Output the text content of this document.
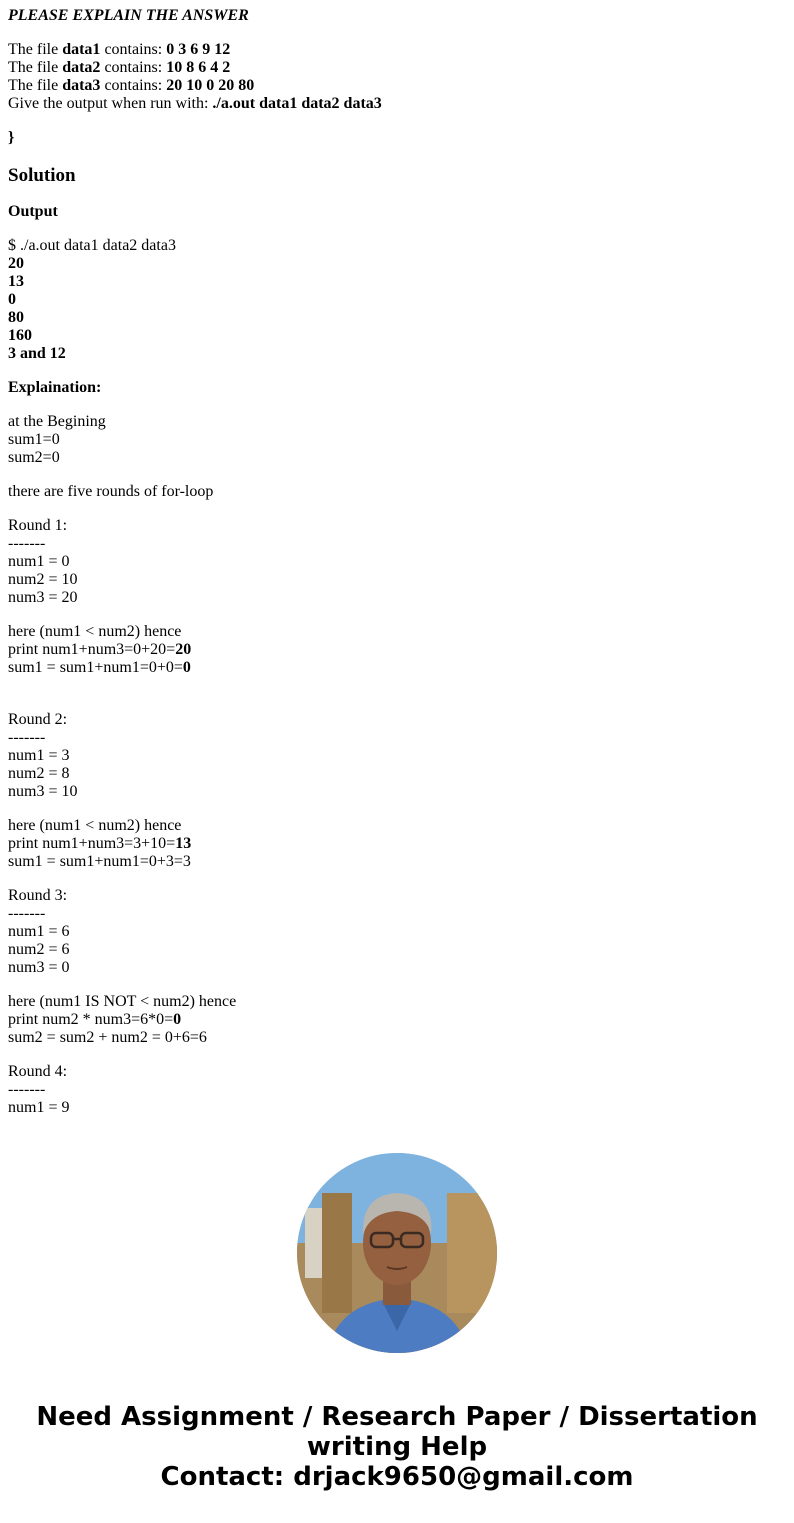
PLEASE EXPLAIN THE ANSWER
The file data1 contains: 0 3 6 9 12
The file data2 contains: 10 8 6 4 2
The file data3 contains: 20 10 0 20 80
Give the output when run with: ./a.out data1 data2 data3
}
Solution
Output
$ ./a.out data1 data2 data3
20
13
0
80
160
3 and 12
Explaination:
at the Begining
sum1=0
sum2=0
there are five rounds of for-loop
Round 1:
-------
num1 = 0
num2 = 10
num3 = 20
here (num1 < num2) hence
print num1+num3=0+20=20
sum1 = sum1+num1=0+0=0
Round 2:
-------
num1 = 3
num2 = 8
num3 = 10
here (num1 < num2) hence
print num1+num3=3+10=13
sum1 = sum1+num1=0+3=3
Round 3:
-------
num1 = 6
num2 = 6
num3 = 0
here (num1 IS NOT < num2) hence
print num2 * num3=6*0=0
sum2 = sum2 + num2 = 0+6=6
Round 4:
-------
num1 = 9
Need Assignment / Research Paper / Dissertation
writing Help
Contact: drjack9650@gmail.com
